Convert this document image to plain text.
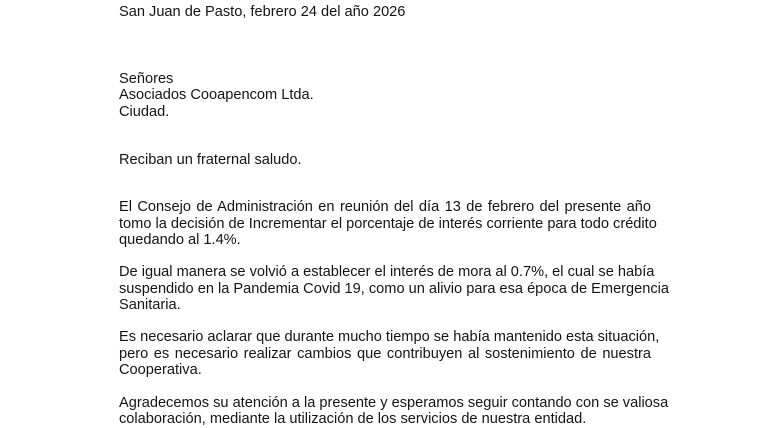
San Juan de Pasto, febrero 24 del año 2026

Señores

Asociados Cooapencom Ltda.

Ciudad.

Reciban un fraternal saludo.

El Consejo de Administración en reunión del día 13 de febrero del presente año

tomo la decisión de Incrementar el porcentaje de interés corriente para todo crédito

quedando al 1.4%.

De igual manera se volvió a establecer el interés de mora al 0.7%, el cual se había

suspendido en la Pandemia Covid 19, como un alivio para esa época de Emergencia

Sanitaria.

Es necesario aclarar que durante mucho tiempo se había mantenido esta situación,

pero es necesario realizar cambios que contribuyen al sostenimiento de nuestra

Cooperativa.

Agradecemos su atención a la presente y esperamos seguir contando con se valiosa

colaboración, mediante la utilización de los servicios de nuestra entidad.
